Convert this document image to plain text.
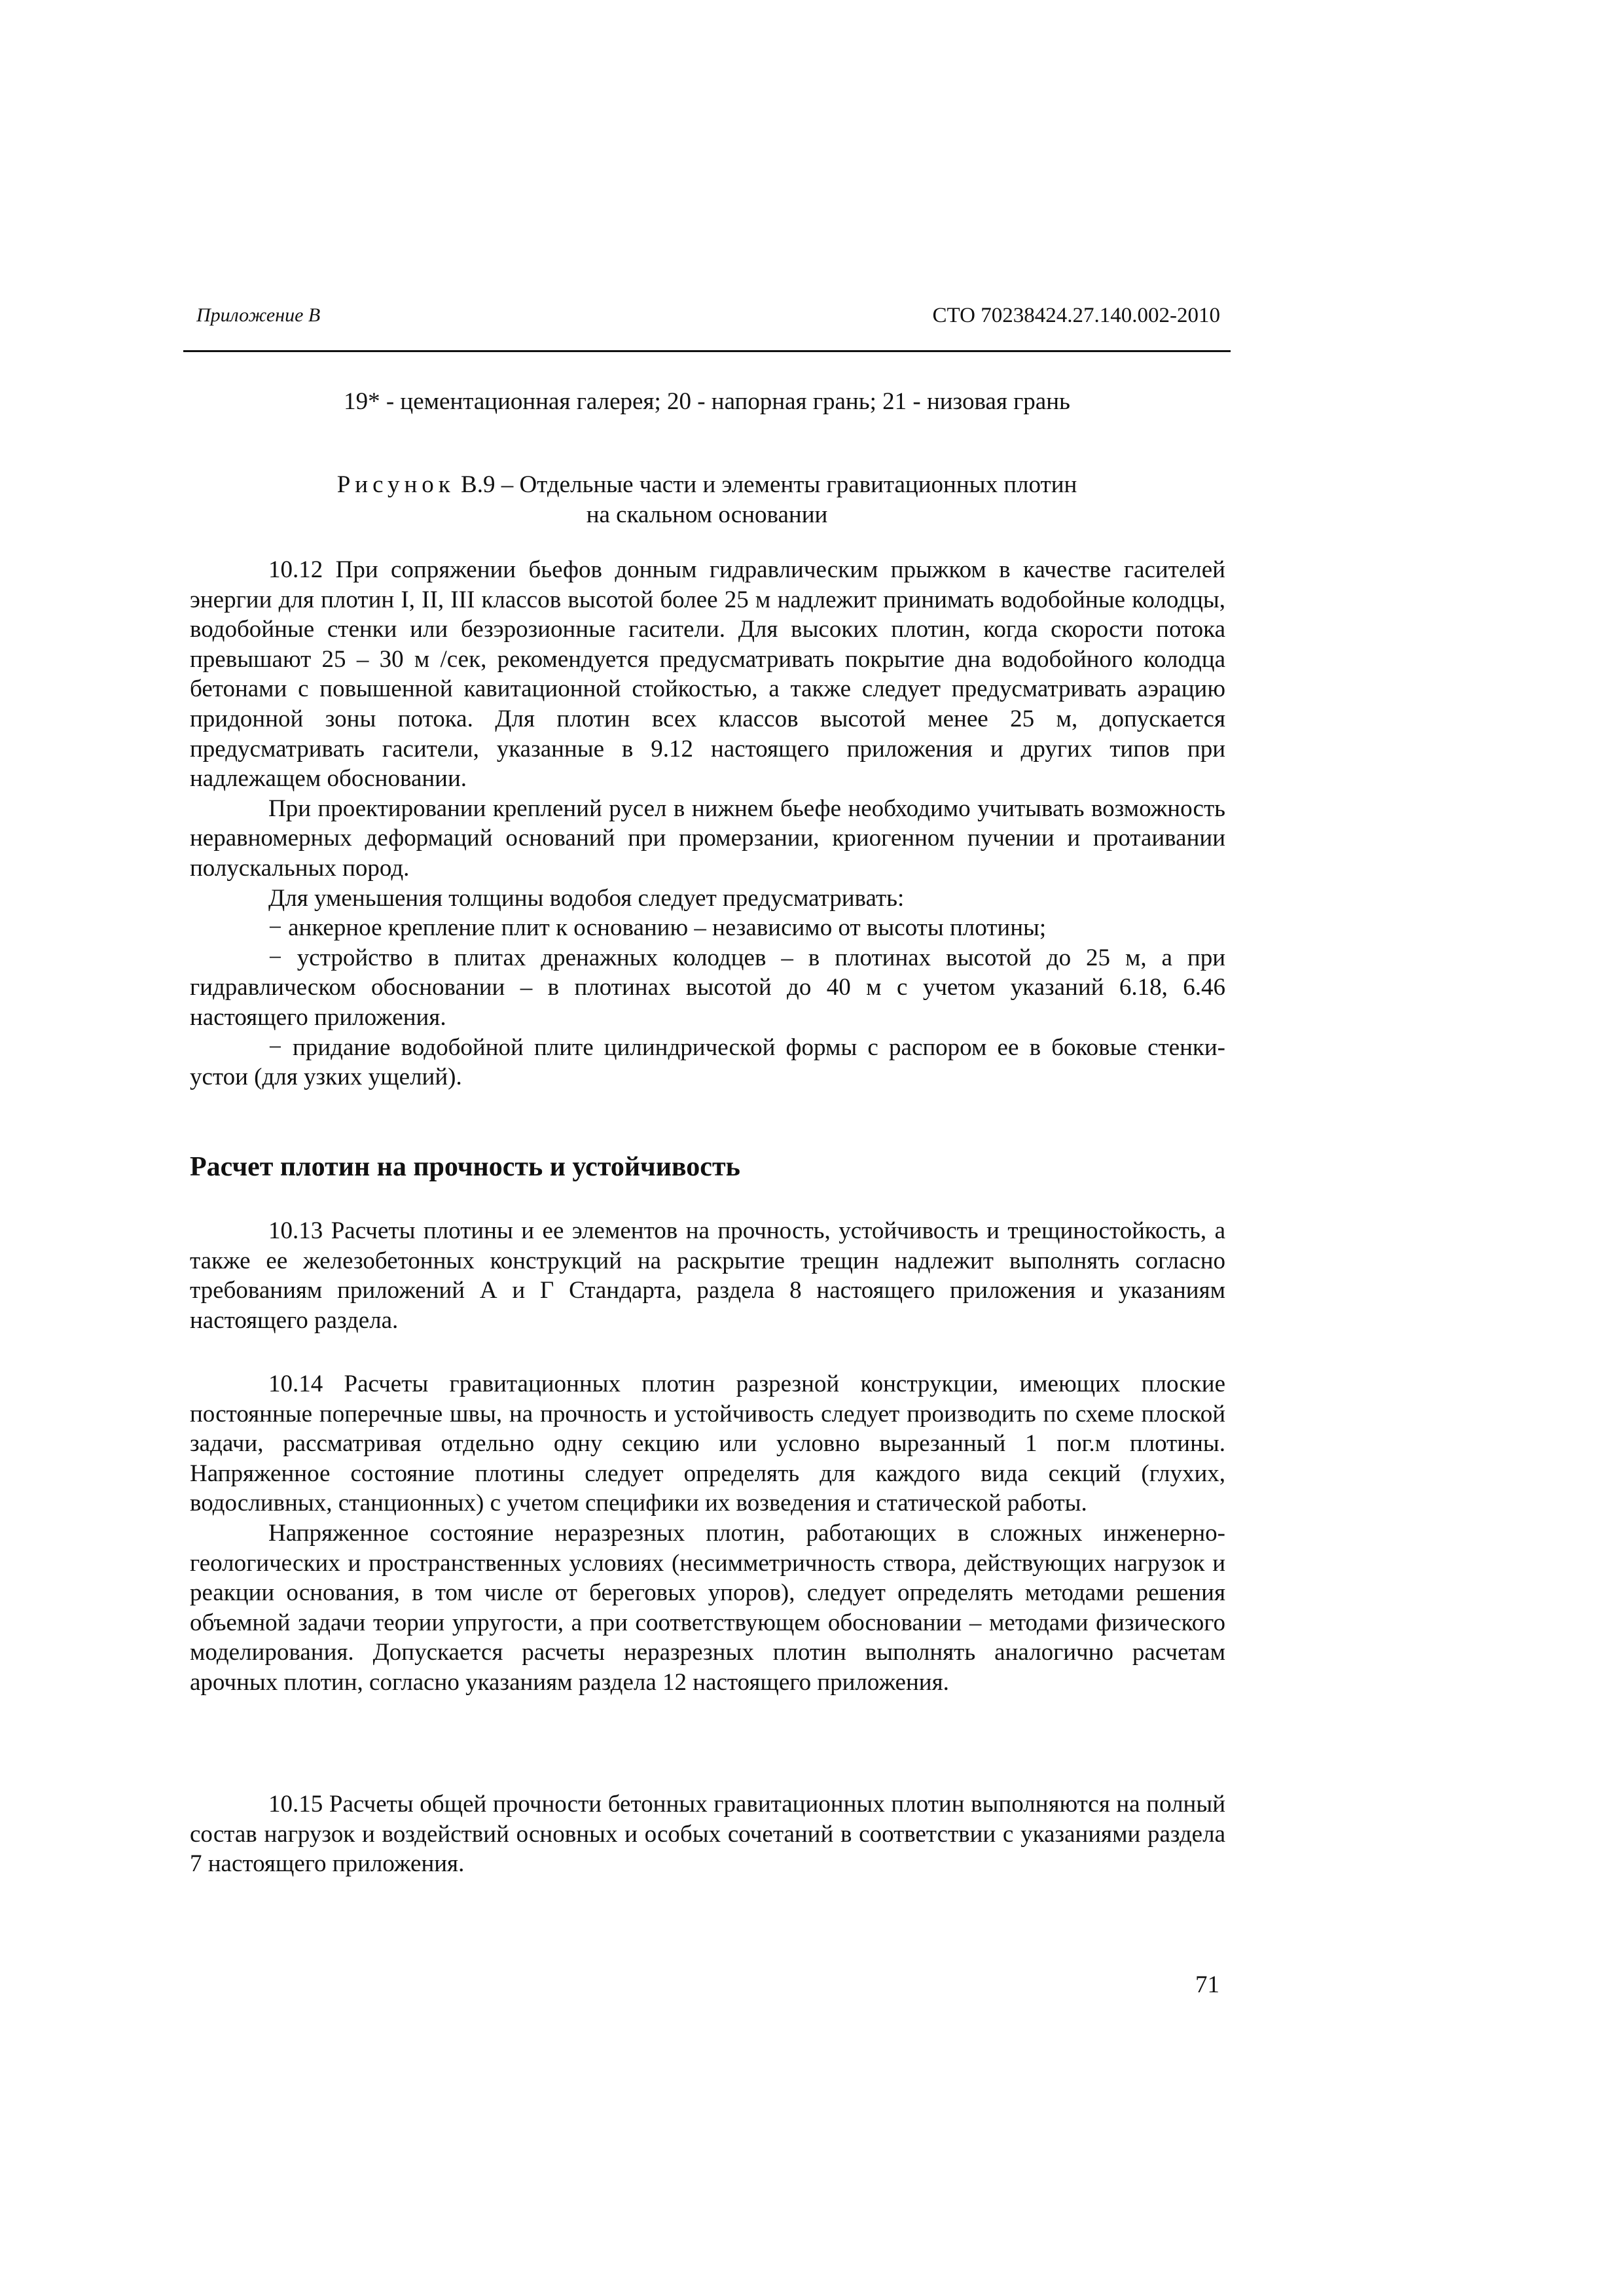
Приложение В	СТО 70238424.27.140.002-2010
19* - цементационная галерея; 20 - напорная грань; 21 - низовая грань
Рисунок В.9 – Отдельные части и элементы гравитационных плотин
на скальном основании

10.12 При сопряжении бьефов донным гидравлическим прыжком в качестве гасителей энергии для плотин I, II, III классов высотой более 25 м надлежит принимать водобойные колодцы, водобойные стенки или безэрозионные гасители. Для высоких плотин, когда скорости потока превышают 25 – 30 м /сек, рекомендуется предусматривать покрытие дна водобойного колодца бетонами с повышенной кавитационной стойкостью, а также следует предусматривать аэрацию придонной зоны потока. Для плотин всех классов высотой менее 25 м, допускается предусматривать гасители, указанные в 9.12 настоящего приложения и других типов при надлежащем обосновании.

При проектировании креплений русел в нижнем бьефе необходимо учитывать возможность неравномерных деформаций оснований при промерзании, криогенном пучении и протаивании полускальных пород.

Для уменьшения толщины водобоя следует предусматривать:

− анкерное крепление плит к основанию – независимо от высоты плотины;

− устройство в плитах дренажных колодцев – в плотинах высотой до 25 м, а при гидравлическом обосновании – в плотинах высотой до 40 м с учетом указаний 6.18, 6.46 настоящего приложения.

− придание водобойной плите цилиндрической формы с распором ее в боковые стенки-устои (для узких ущелий).

Расчет плотин на прочность и устойчивость

10.13 Расчеты плотины и ее элементов на прочность, устойчивость и трещиностойкость, а также ее железобетонных конструкций на раскрытие трещин надлежит выполнять согласно требованиям приложений А и Г Стандарта, раздела 8 настоящего приложения и указаниям настоящего раздела.

10.14 Расчеты гравитационных плотин разрезной конструкции, имеющих плоские постоянные поперечные швы, на прочность и устойчивость следует производить по схеме плоской задачи, рассматривая отдельно одну секцию или условно вырезанный 1 пог.м плотины. Напряженное состояние плотины следует определять для каждого вида секций (глухих, водосливных, станционных) с учетом специфики их возведения и статической работы.

Напряженное состояние неразрезных плотин, работающих в сложных инженерно-геологических и пространственных условиях (несимметричность створа, действующих нагрузок и реакции основания, в том числе от береговых упоров), следует определять методами решения объемной задачи теории упругости, а при соответствующем обосновании – методами физического моделирования. Допускается расчеты неразрезных плотин выполнять аналогично расчетам арочных плотин, согласно указаниям раздела 12 настоящего приложения.

10.15 Расчеты общей прочности бетонных гравитационных плотин выполняются на полный состав нагрузок и воздействий основных и особых сочетаний в соответствии с указаниями раздела 7 настоящего приложения.

71
